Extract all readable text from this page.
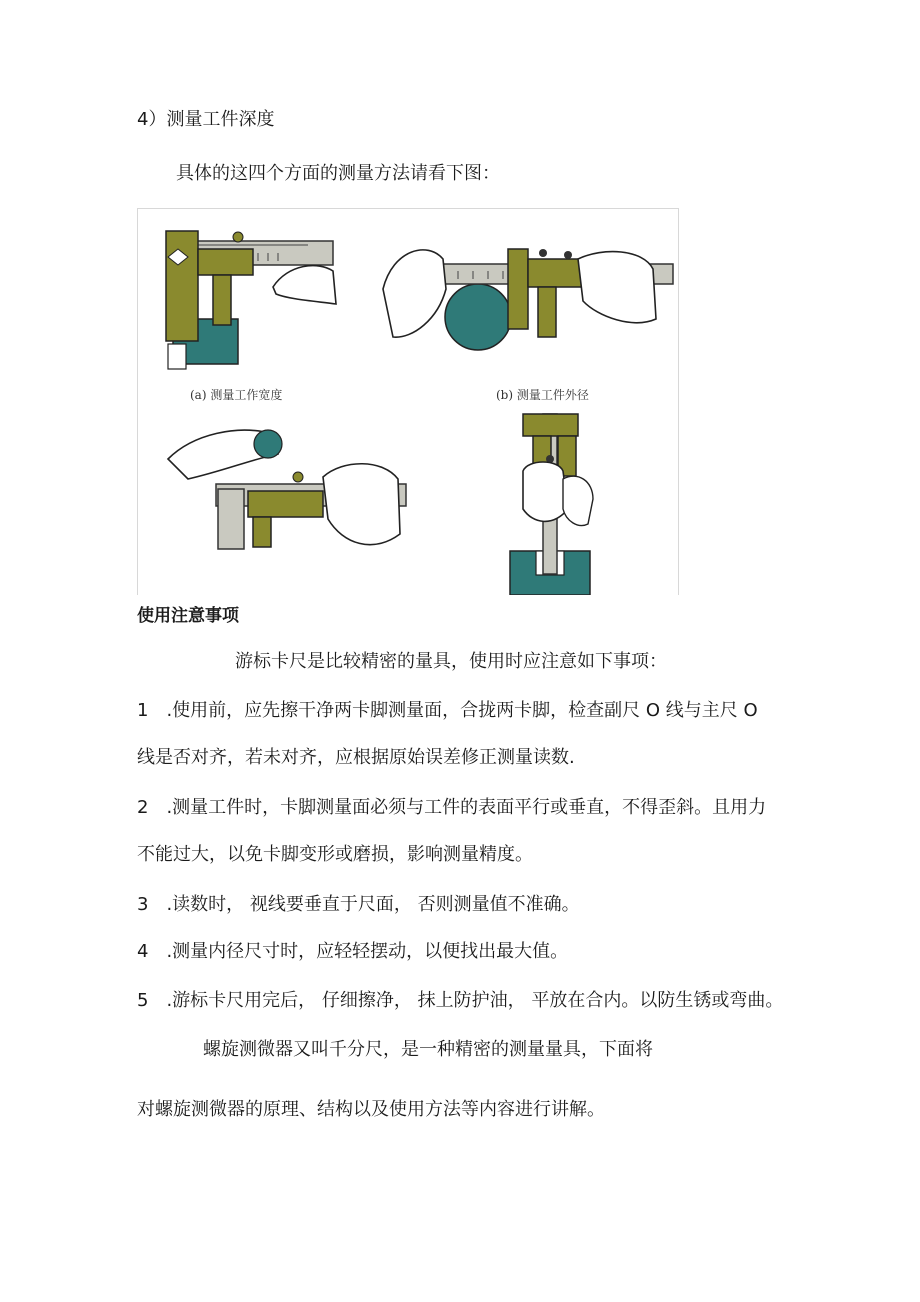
4）测量工件深度
具体的这四个方面的测量方法请看下图：
(a) 测量工作宽度	(b) 测量工件外径
使用注意事项
游标卡尺是比较精密的量具，使用时应注意如下事项：
1　.使用前，应先擦干净两卡脚测量面，合拢两卡脚，检查副尺 O 线与主尺 O
线是否对齐，若未对齐，应根据原始误差修正测量读数.
2　.测量工件时，卡脚测量面必须与工件的表面平行或垂直，不得歪斜。且用力
不能过大，以免卡脚变形或磨损，影响测量精度。
3　.读数时， 视线要垂直于尺面， 否则测量值不准确。
4　.测量内径尺寸时，应轻轻摆动，以便找出最大值。
5　.游标卡尺用完后， 仔细擦净， 抹上防护油， 平放在合内。以防生锈或弯曲。
螺旋测微器又叫千分尺，是一种精密的测量量具，下面将
对螺旋测微器的原理、结构以及使用方法等内容进行讲解。
